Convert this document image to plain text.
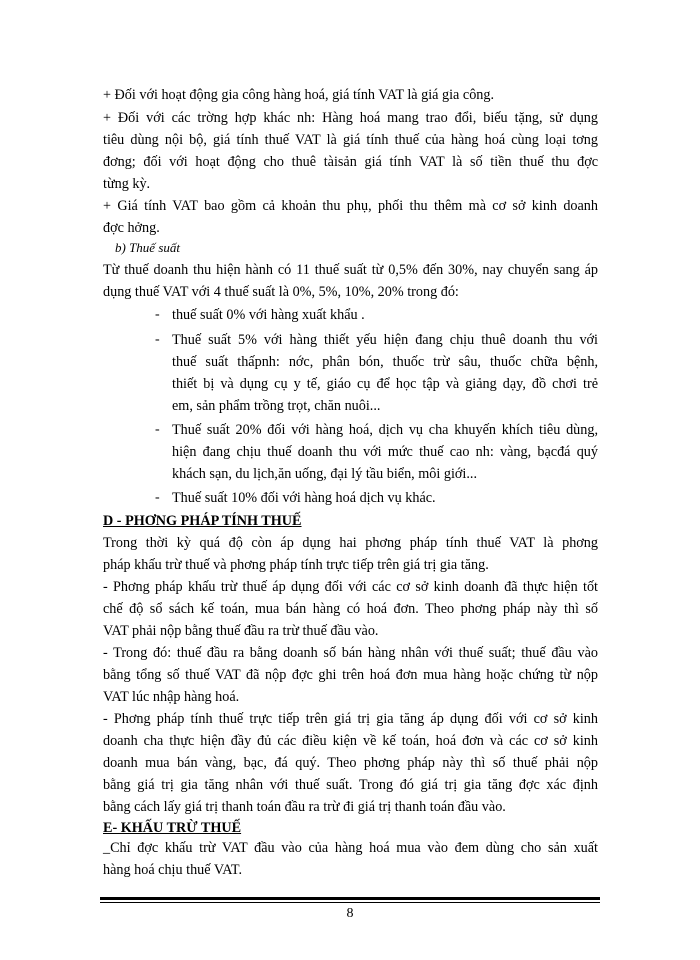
+ Đối với hoạt động gia công hàng hoá, giá tính VAT là giá gia công.
+ Đối với các trờng hợp khác nh: Hàng hoá mang trao đổi, biếu tặng, sử dụng
tiêu dùng nội bộ, giá tính thuế VAT là giá tính thuế của hàng hoá cùng loại tơng
đơng; đối với hoạt động cho thuê tàisản giá tính VAT là số tiền thuế thu đợc
từng kỳ.
+ Giá tính VAT bao gồm cả khoản thu phụ, phối thu thêm mà cơ sở kinh doanh
đợc hởng.
b) Thuế suất
Từ thuế doanh thu hiện hành có 11 thuế suất từ 0,5% đến 30%, nay chuyển sang áp
dụng thuế VAT với 4 thuế suất là 0%, 5%, 10%, 20% trong đó:
- thuế suất 0% với hàng xuất khẩu .
- Thuế suất 5% với hàng thiết yếu hiện đang chịu thuê doanh thu với
thuế suất thấpnh: nớc, phân bón, thuốc trừ sâu, thuốc chữa bệnh,
thiết bị và dụng cụ y tế, giáo cụ để học tập và giảng dạy, đồ chơi trẻ
em, sản phẩm trồng trọt, chăn nuôi...
- Thuế suất 20% đối với hàng hoá, dịch vụ cha khuyến khích tiêu dùng,
hiện đang chịu thuế doanh thu với mức thuế cao nh: vàng, bạcđá quý
khách sạn, du lịch,ăn uống, đại lý tầu biển, môi giới...
- Thuế suất 10% đối với hàng hoá dịch vụ khác.
D - PHƠNG PHÁP TÍNH THUẾ
Trong thời kỳ quá độ còn áp dụng hai phơng pháp tính thuế VAT là phơng
pháp khấu trừ thuế và phơng pháp tính trực tiếp trên giá trị gia tăng.
- Phơng pháp khấu trừ thuế áp dụng đối với các cơ sở kinh doanh đã thực hiện tốt
chế độ sổ sách kế toán, mua bán hàng có hoá đơn. Theo phơng pháp này thì số
VAT phải nộp bằng thuế đầu ra trừ thuế đầu vào.
- Trong đó: thuế đầu ra bằng doanh số bán hàng nhân với thuế suất; thuế đầu vào
bằng tổng số thuế VAT đã nộp đợc ghi trên hoá đơn mua hàng hoặc chứng từ nộp
VAT lúc nhập hàng hoá.
- Phơng pháp tính thuế trực tiếp trên giá trị gia tăng áp dụng đối với cơ sở kinh
doanh cha thực hiện đầy đủ các điều kiện về kế toán, hoá đơn và các cơ sở kinh
doanh mua bán vàng, bạc, đá quý. Theo phơng pháp này thì số thuế phải nộp
bằng giá trị gia tăng nhân với thuế suất. Trong đó giá trị gia tăng đợc xác định
bằng cách lấy giá trị thanh toán đầu ra trừ đi giá trị thanh toán đầu vào.
E- KHẤU TRỪ THUẾ
_Chỉ đợc khấu trừ VAT đầu vào của hàng hoá mua vào đem dùng cho sản xuất
hàng hoá chịu thuế VAT.
8
